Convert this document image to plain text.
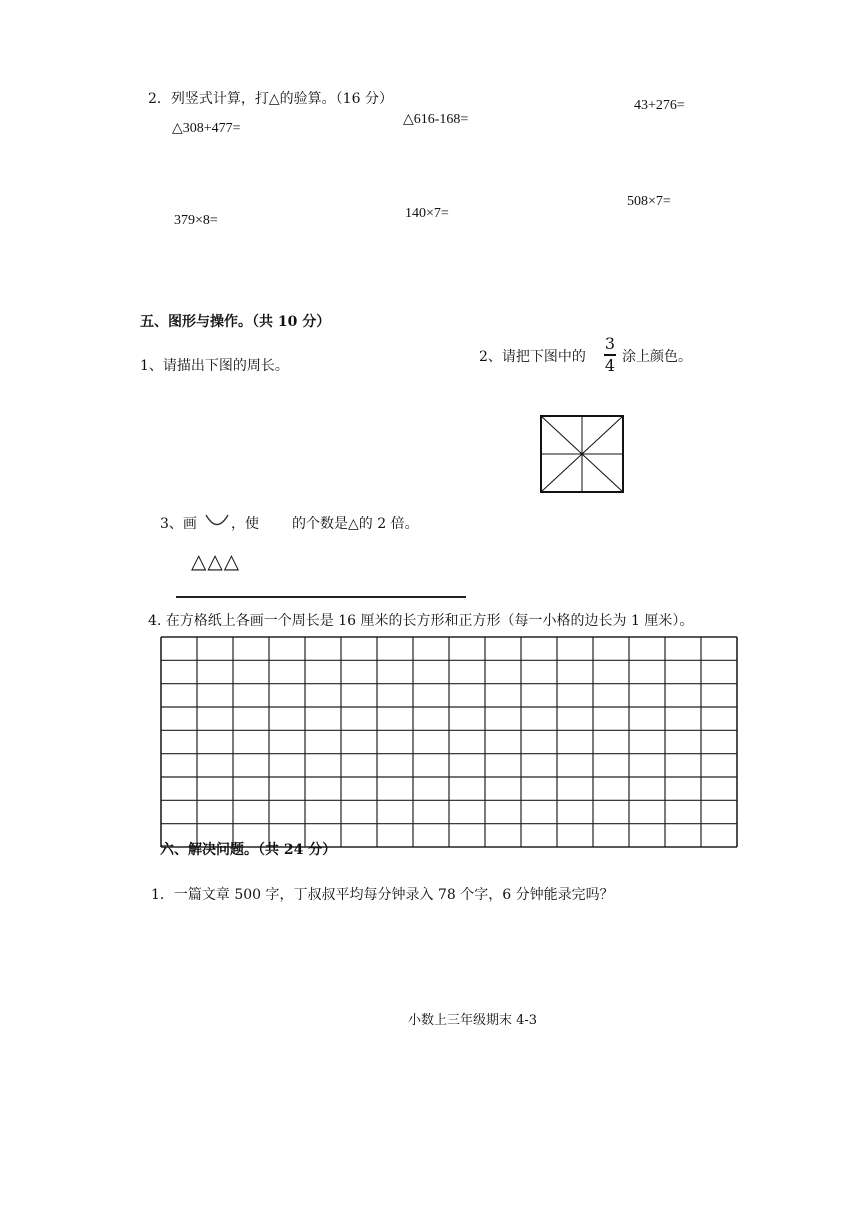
2．列竖式计算，打△的验算。（16 分）
△308+477=
△616-168=
43+276=
379×8=	140×7=
508×7=
五、图形与操作。（共 10 分）
1、请描出下图的周长。
2、请把下图中的
3
4 涂上颜色。
3、画 ，使 的个数是△的 2 倍。
△△△
4. 在方格纸上各画一个周长是 16 厘米的长方形和正方形（每一小格的边长为 1 厘米）。
六、解决问题。（共 24 分）
1．一篇文章 500 字，丁叔叔平均每分钟录入 78 个字，6 分钟能录完吗？
小数上三年级期末 4-3
